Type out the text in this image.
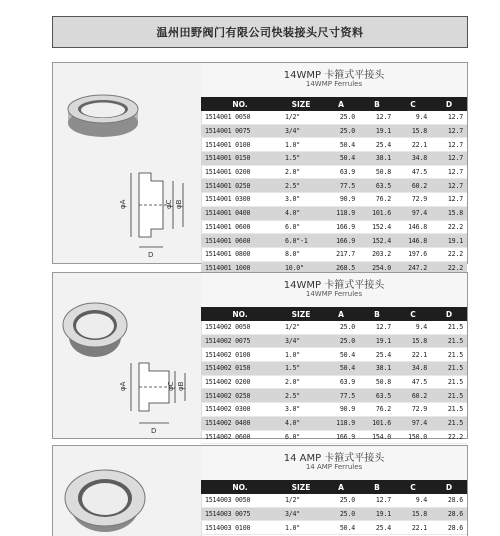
温州田野阀门有限公司快装接头尺寸资料
φA	φC φB
D
14WMP 卡箍式平接头
14WMP Ferrules
NO.	SIZE	A	B	C	D
1514001 0050	1/2"	25.0	12.7	9.4	12.7
1514001 0075	3/4"	25.0	19.1	15.8	12.7
1514001 0100	1.0"	50.4	25.4	22.1	12.7
1514001 0150	1.5"	50.4	38.1	34.8	12.7
1514001 0200	2.0"	63.9	50.8	47.5	12.7
1514001 0250	2.5"	77.5	63.5	60.2	12.7
1514001 0300	3.0"	90.9	76.2	72.9	12.7
1514001 0400	4.0"	118.9	101.6	97.4	15.8
1514001 0600	6.0"	166.9	152.4	146.8	22.2
1514001 0600	6.0"-1	166.9	152.4	146.8	19.1
1514001 0800	8.0"	217.7	203.2	197.6	22.2
1514001 1000	10.0"	268.5	254.0	247.2	22.2
φA	φC φB
D
14WMP 卡箍式平接头
14WMP Ferrules
NO.	SIZE	A	B	C	D
1514002 0050	1/2"	25.0	12.7	9.4	21.5
1514002 0075	3/4"	25.0	19.1	15.8	21.5
1514002 0100	1.0"	50.4	25.4	22.1	21.5
1514002 0150	1.5"	50.4	38.1	34.8	21.5
1514002 0200	2.0"	63.9	50.8	47.5	21.5
1514002 0250	2.5"	77.5	63.5	60.2	21.5
1514002 0300	3.0"	90.9	76.2	72.9	21.5
1514002 0400	4.0"	118.9	101.6	97.4	21.5
1514002 0600	6.0"	166.9	154.0	150.0	22.2
14 AMP 卡箍式平接头
14 AMP Ferrules
NO.	SIZE	A	B	C	D
1514003 0050	1/2"	25.0	12.7	9.4	28.6
1514003 0075	3/4"	25.0	19.1	15.8	28.6
1514003 0100	1.0"	50.4	25.4	22.1	28.6
